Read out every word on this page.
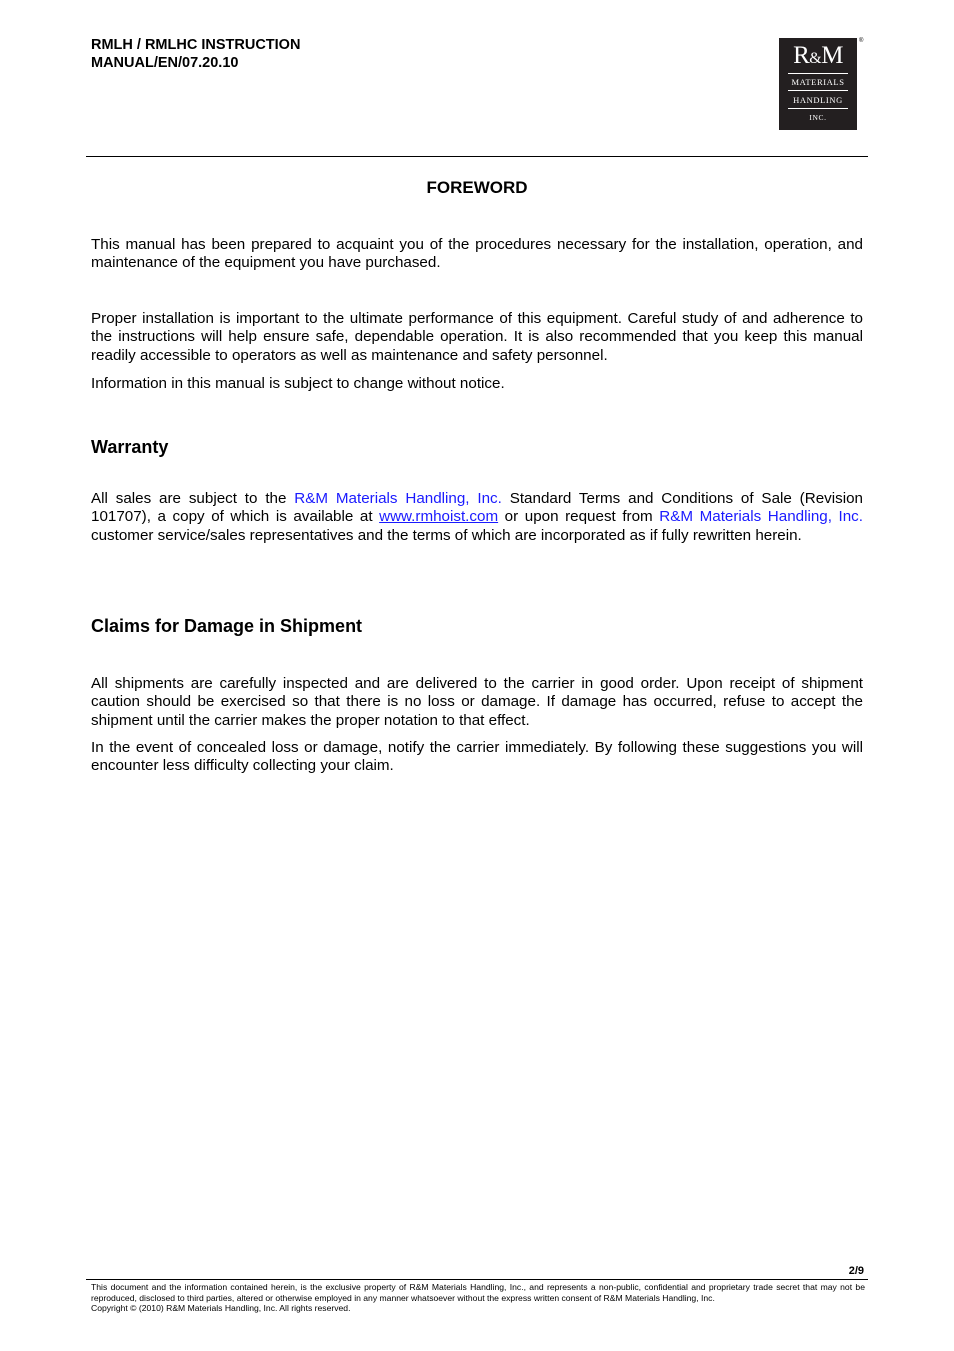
RMLH / RMLHC INSTRUCTION
MANUAL/EN/07.20.10	R&M
MATERIALS
HANDLING
INC.
®
FOREWORD
This manual has been prepared to acquaint you of the procedures necessary for the installation, operation, and maintenance of the equipment you have purchased.
Proper installation is important to the ultimate performance of this equipment. Careful study of and adherence to the instructions will help ensure safe, dependable operation. It is also recommended that you keep this manual readily accessible to operators as well as maintenance and safety personnel.
Information in this manual is subject to change without notice.
Warranty
All sales are subject to the R&M Materials Handling, Inc. Standard Terms and Conditions of Sale (Revision 101707), a copy of which is available at www.rmhoist.com or upon request from R&M Materials Handling, Inc. customer service/sales representatives and the terms of which are incorporated as if fully rewritten herein.
Claims for Damage in Shipment
All shipments are carefully inspected and are delivered to the carrier in good order. Upon receipt of shipment caution should be exercised so that there is no loss or damage. If damage has occurred, refuse to accept the shipment until the carrier makes the proper notation to that effect.
In the event of concealed loss or damage, notify the carrier immediately. By following these suggestions you will encounter less difficulty collecting your claim.
2/9
This document and the information contained herein, is the exclusive property of R&M Materials Handling, Inc., and represents a non-public, confidential and proprietary trade secret that may not be reproduced, disclosed to third parties, altered or otherwise employed in any manner whatsoever without the express written consent of R&M Materials Handling, Inc.
Copyright © (2010) R&M Materials Handling, Inc. All rights reserved.
